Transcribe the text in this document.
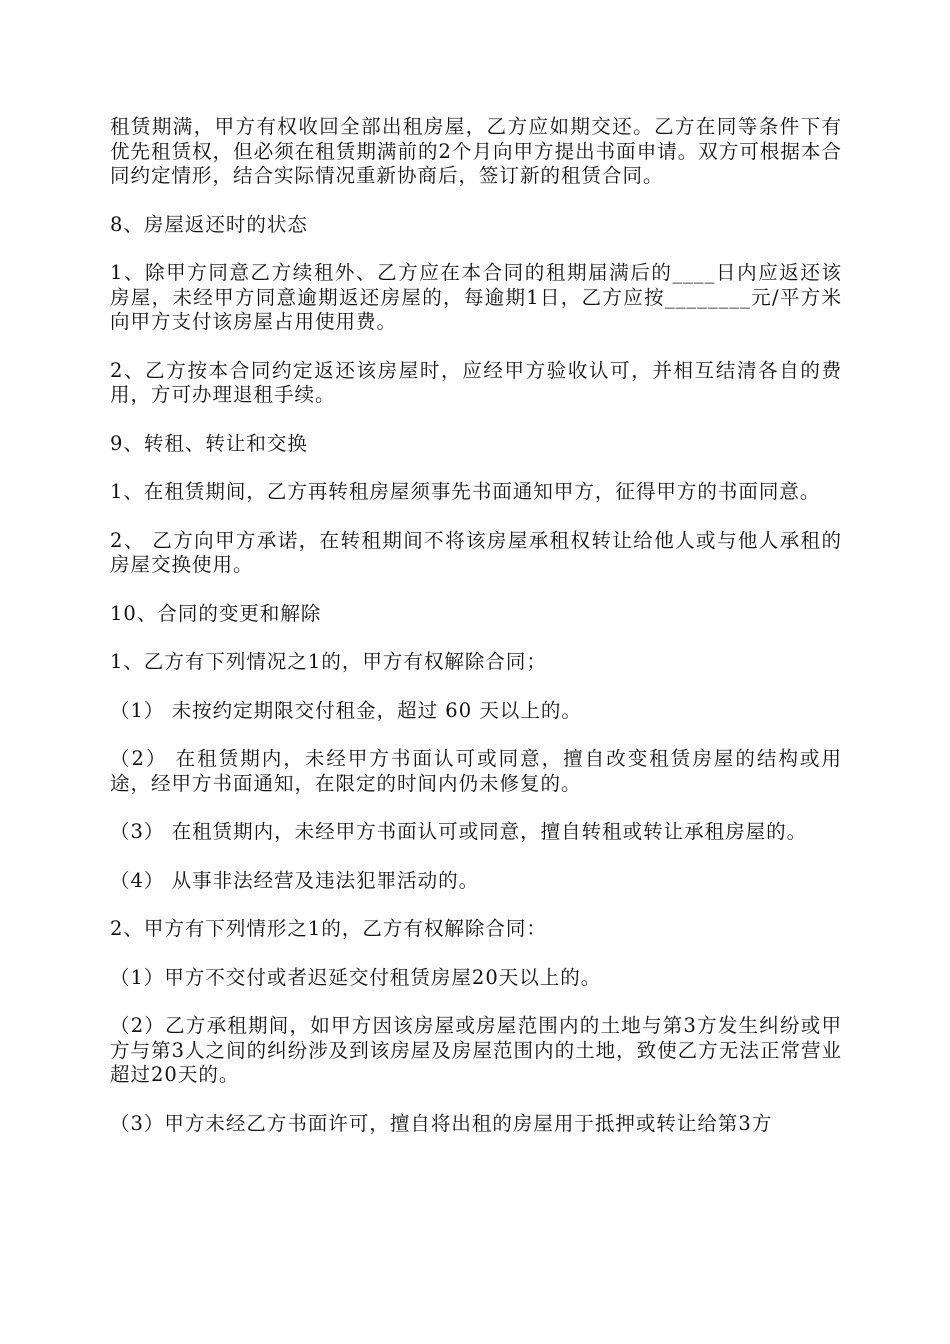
租赁期满，甲方有权收回全部出租房屋，乙方应如期交还。乙方在同等条件下有优先租赁权，但必须在租赁期满前的2个月向甲方提出书面申请。双方可根据本合同约定情形，结合实际情况重新协商后，签订新的租赁合同。

8、房屋返还时的状态

1、除甲方同意乙方续租外、乙方应在本合同的租期届满后的____日内应返还该房屋，未经甲方同意逾期返还房屋的，每逾期1日，乙方应按________元/平方米向甲方支付该房屋占用使用费。

2、乙方按本合同约定返还该房屋时，应经甲方验收认可，并相互结清各自的费用，方可办理退租手续。

9、转租、转让和交换

1、在租赁期间，乙方再转租房屋须事先书面通知甲方，征得甲方的书面同意。

2、 乙方向甲方承诺，在转租期间不将该房屋承租权转让给他人或与他人承租的房屋交换使用。

10、合同的变更和解除

1、乙方有下列情况之1的，甲方有权解除合同；

（1） 未按约定期限交付租金，超过 60 天以上的。

（2） 在租赁期内，未经甲方书面认可或同意，擅自改变租赁房屋的结构或用途，经甲方书面通知，在限定的时间内仍未修复的。

（3） 在租赁期内，未经甲方书面认可或同意，擅自转租或转让承租房屋的。

（4） 从事非法经营及违法犯罪活动的。

2、甲方有下列情形之1的，乙方有权解除合同：

（1）甲方不交付或者迟延交付租赁房屋20天以上的。

（2）乙方承租期间，如甲方因该房屋或房屋范围内的土地与第3方发生纠纷或甲方与第3人之间的纠纷涉及到该房屋及房屋范围内的土地，致使乙方无法正常营业超过20天的。

（3）甲方未经乙方书面许可，擅自将出租的房屋用于抵押或转让给第3方
